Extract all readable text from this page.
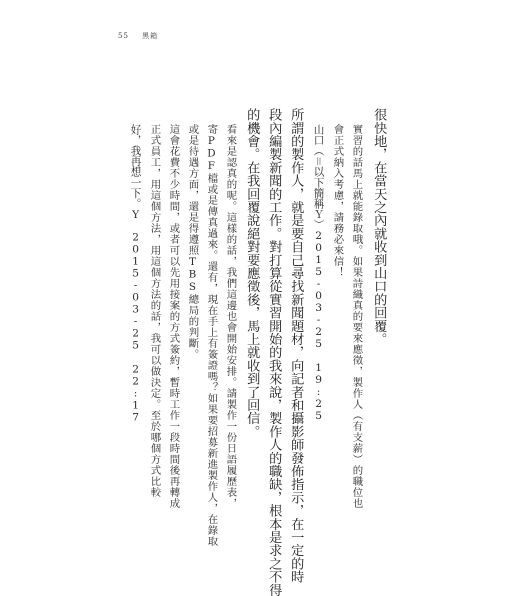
55 黑箱
很快地，在當天之內就收到山口的回覆。
實習的話馬上就能錄取哦。如果詩織真的要來應徵，製作人（有支薪）的職位也
會正式納入考慮，請務必來信！
山口（＝以下簡稱Ｙ）2015-03-25 19:25
所謂的製作人，就是要自己尋找新聞題材，向記者和攝影師發佈指示，在一定的時
段內編製新聞的工作。對打算從實習開始的我來說，製作人的職缺，根本是求之不得
的機會。在我回覆說絕對要應徵後，馬上就收到了回信。
看來是認真的呢。這樣的話，我們這邊也會開始安排。請製作一份日語履歷表，
寄PDF檔或是傳真過來。還有，現在手上有簽證嗎？如果要招募新進製作人，在錄取
或是待遇方面，還是得遵照TBS總局的判斷。
這會花費不少時間，或者可以先用接案的方式簽約，暫時工作一段時間後再轉成
正式員工，用這個方法，用這個方法的話，我可以做決定。至於哪個方式比較
好，我再想一下。Y　2015-03-25 22:17
